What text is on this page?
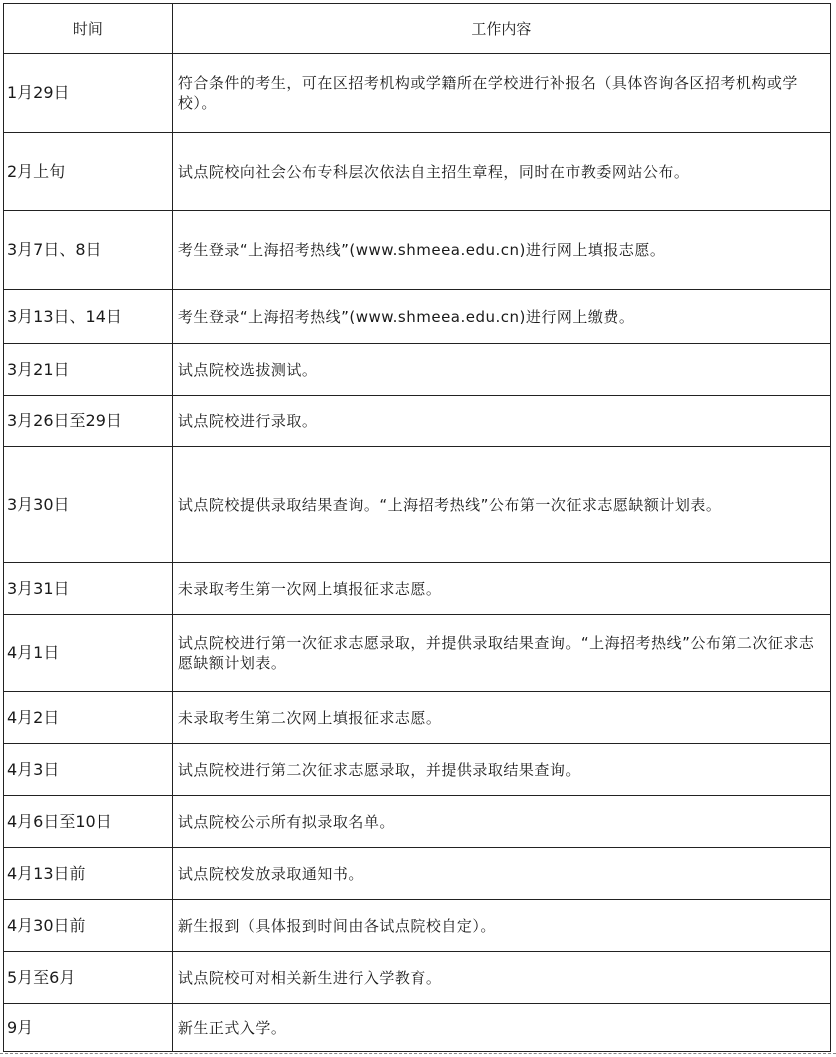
时间	工作内容
1月29日	符合条件的考生，可在区招考机构或学籍所在学校进行补报名（具体咨询各区招考机构或学校）。
2月上旬	试点院校向社会公布专科层次依法自主招生章程，同时在市教委网站公布。
3月7日、8日	考生登录“上海招考热线”(www.shmeea.edu.cn)进行网上填报志愿。
3月13日、14日	考生登录“上海招考热线”(www.shmeea.edu.cn)进行网上缴费。
3月21日	试点院校选拔测试。
3月26日至29日	试点院校进行录取。
3月30日	试点院校提供录取结果查询。“上海招考热线”公布第一次征求志愿缺额计划表。
3月31日	未录取考生第一次网上填报征求志愿。
4月1日	试点院校进行第一次征求志愿录取，并提供录取结果查询。“上海招考热线”公布第二次征求志愿缺额计划表。
4月2日	未录取考生第二次网上填报征求志愿。
4月3日	试点院校进行第二次征求志愿录取，并提供录取结果查询。
4月6日至10日	试点院校公示所有拟录取名单。
4月13日前	试点院校发放录取通知书。
4月30日前	新生报到（具体报到时间由各试点院校自定）。
5月至6月	试点院校可对相关新生进行入学教育。
9月	新生正式入学。
